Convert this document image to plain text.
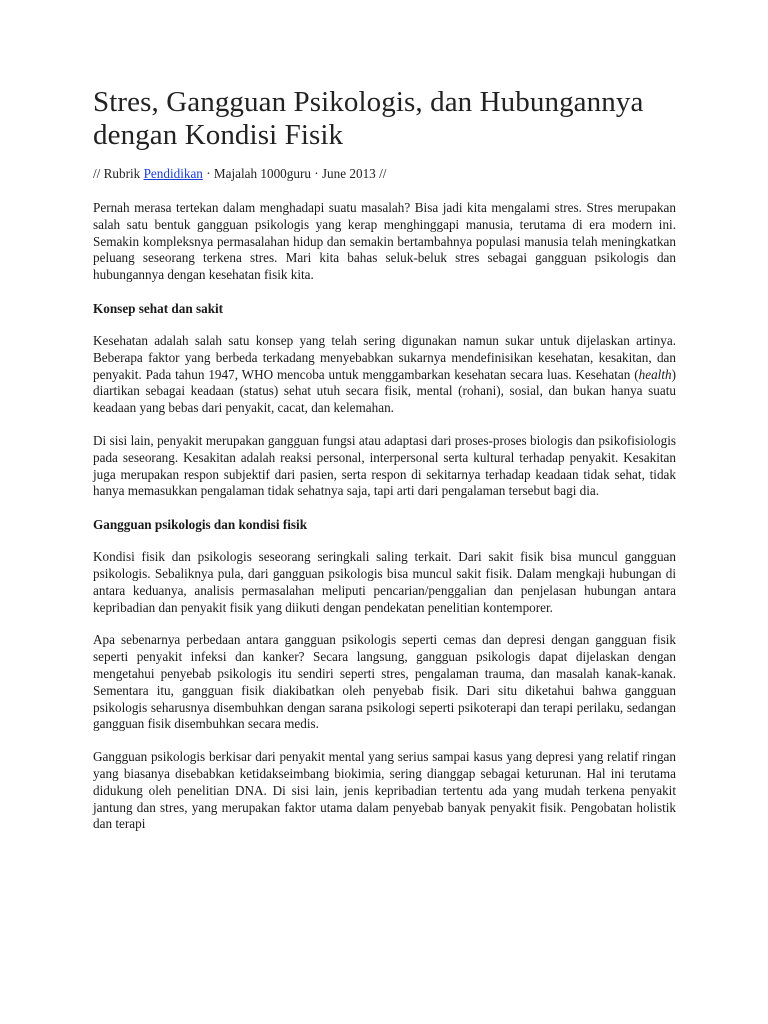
Stres, Gangguan Psikologis, dan Hubungannya dengan Kondisi Fisik
// Rubrik Pendidikan · Majalah 1000guru · June 2013 //

Pernah merasa tertekan dalam menghadapi suatu masalah? Bisa jadi kita mengalami stres. Stres merupakan salah satu bentuk gangguan psikologis yang kerap menghinggapi manusia, terutama di era modern ini. Semakin kompleksnya permasalahan hidup dan semakin bertambahnya populasi manusia telah meningkatkan peluang seseorang terkena stres. Mari kita bahas seluk-beluk stres sebagai gangguan psikologis dan hubungannya dengan kesehatan fisik kita.

Konsep sehat dan sakit

Kesehatan adalah salah satu konsep yang telah sering digunakan namun sukar untuk dijelaskan artinya. Beberapa faktor yang berbeda terkadang menyebabkan sukarnya mendefinisikan kesehatan, kesakitan, dan penyakit. Pada tahun 1947, WHO mencoba untuk menggambarkan kesehatan secara luas. Kesehatan (health) diartikan sebagai keadaan (status) sehat utuh secara fisik, mental (rohani), sosial, dan bukan hanya suatu keadaan yang bebas dari penyakit, cacat, dan kelemahan.

Di sisi lain, penyakit merupakan gangguan fungsi atau adaptasi dari proses-proses biologis dan psikofisiologis pada seseorang. Kesakitan adalah reaksi personal, interpersonal serta kultural terhadap penyakit. Kesakitan juga merupakan respon subjektif dari pasien, serta respon di sekitarnya terhadap keadaan tidak sehat, tidak hanya memasukkan pengalaman tidak sehatnya saja, tapi arti dari pengalaman tersebut bagi dia.

Gangguan psikologis dan kondisi fisik

Kondisi fisik dan psikologis seseorang seringkali saling terkait. Dari sakit fisik bisa muncul gangguan psikologis. Sebaliknya pula, dari gangguan psikologis bisa muncul sakit fisik. Dalam mengkaji hubungan di antara keduanya, analisis permasalahan meliputi pencarian/penggalian dan penjelasan hubungan antara kepribadian dan penyakit fisik yang diikuti dengan pendekatan penelitian kontemporer.

Apa sebenarnya perbedaan antara gangguan psikologis seperti cemas dan depresi dengan gangguan fisik seperti penyakit infeksi dan kanker? Secara langsung, gangguan psikologis dapat dijelaskan dengan mengetahui penyebab psikologis itu sendiri seperti stres, pengalaman trauma, dan masalah kanak-kanak. Sementara itu, gangguan fisik diakibatkan oleh penyebab fisik. Dari situ diketahui bahwa gangguan psikologis seharusnya disembuhkan dengan sarana psikologi seperti psikoterapi dan terapi perilaku, sedangan gangguan fisik disembuhkan secara medis.

Gangguan psikologis berkisar dari penyakit mental yang serius sampai kasus yang depresi yang relatif ringan yang biasanya disebabkan ketidakseimbang biokimia, sering dianggap sebagai keturunan. Hal ini terutama didukung oleh penelitian DNA. Di sisi lain, jenis kepribadian tertentu ada yang mudah terkena penyakit jantung dan stres, yang merupakan faktor utama dalam penyebab banyak penyakit fisik. Pengobatan holistik dan terapi
